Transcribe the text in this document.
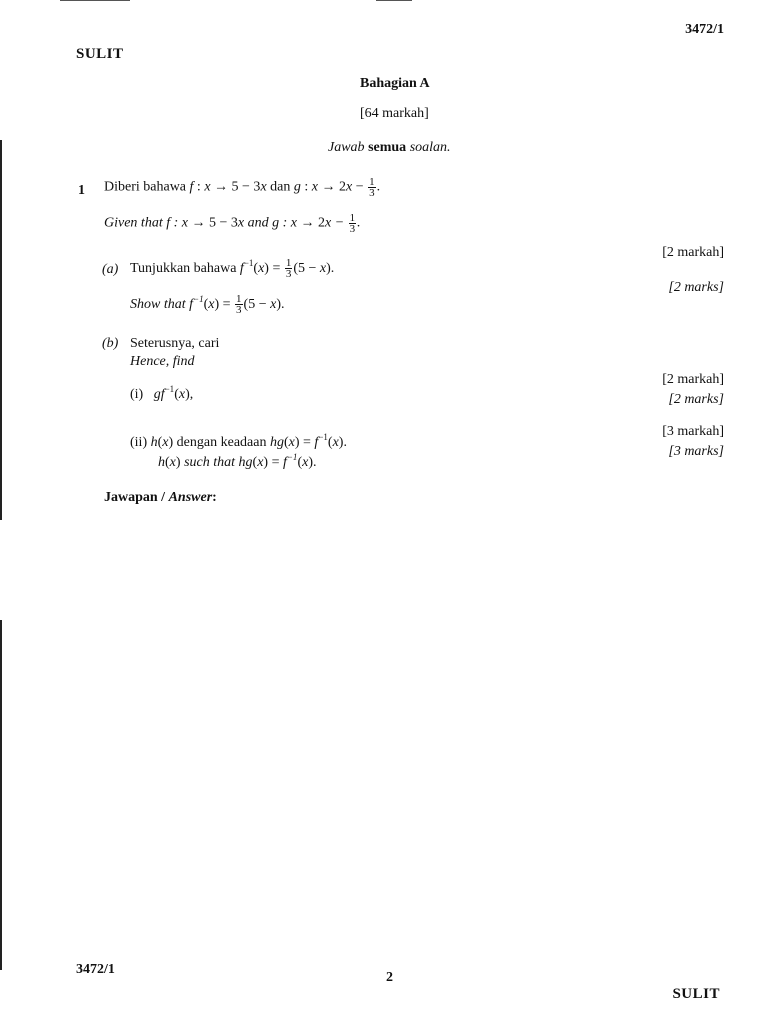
3472/1
SULIT
Bahagian A
[64 markah]
Jawab semua soalan.
1 Diberi bahawa f : x → 5 − 3x dan g : $x \to 2x - \frac{1}{3}$ .
Given that f : x → 5 − 3x and g : $x \to 2x - \frac{1}{3}$ .
[2 markah]
(a) Tunjukkan bahawa $f^{-1}(x) = \frac{1}{3} (5 - x)$.
[2 marks]
Show that $f^{-1}(x) = \frac{1}{3} (5 - x)$.
(b) Seterusnya, cari
Hence, find
[2 markah]
(i) $gf^{-1}(x)$,	[2 marks]
[3 markah]
(ii) h(x) dengan keadaan $hg(x) = f^{-1}(x)$.
[3 marks]
h(x) such that $hg(x) = f^{-1}(x)$.
Jawapan / Answer:
3472/1
2
SULIT
